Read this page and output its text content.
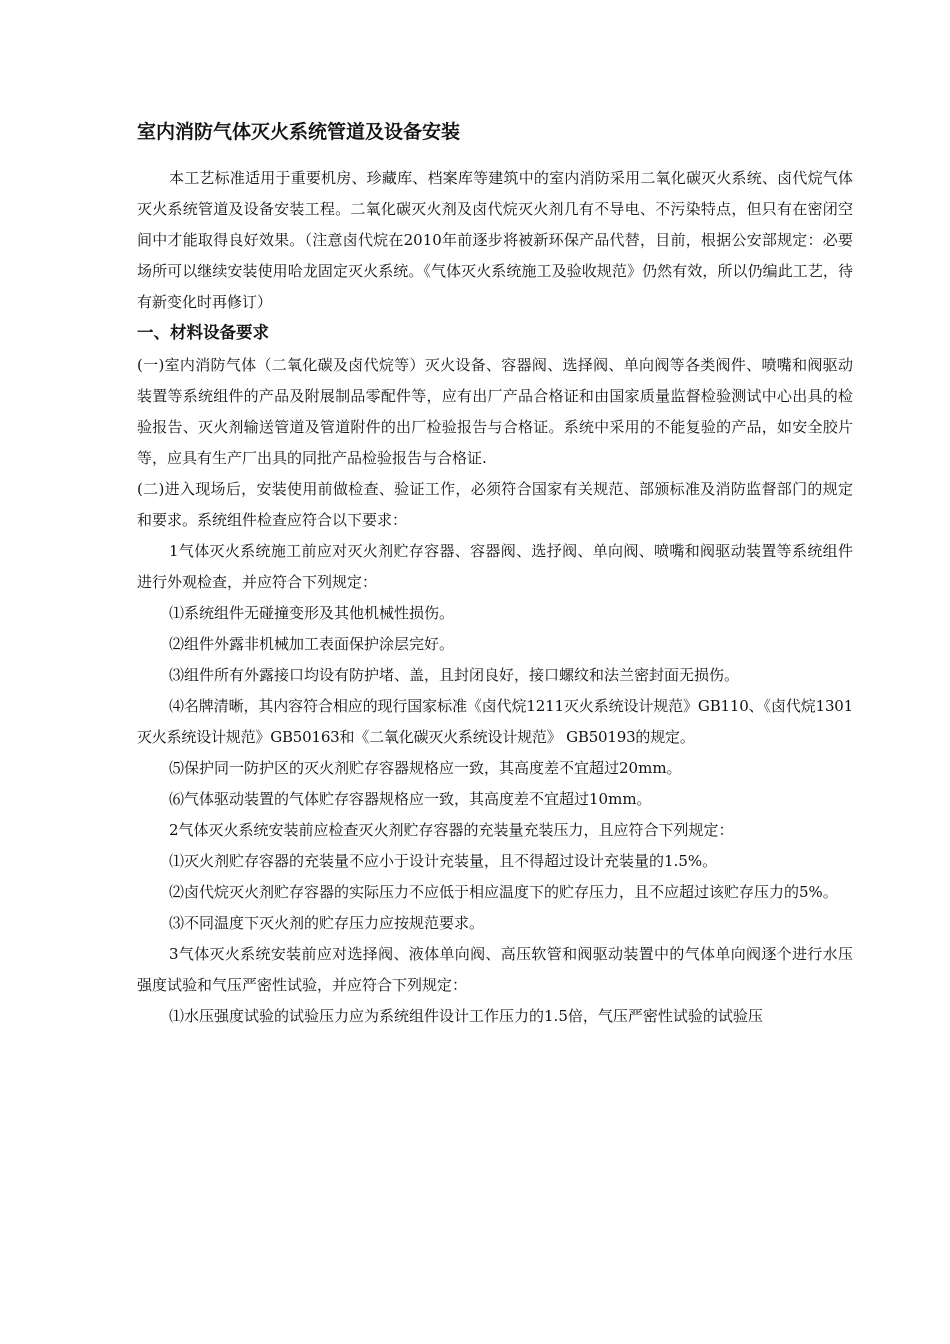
室内消防气体灭火系统管道及设备安装

本工艺标准适用于重要机房、珍藏库、档案库等建筑中的室内消防采用二氧化碳灭火系统、卤代烷气体灭火系统管道及设备安装工程。二氧化碳灭火剂及卤代烷灭火剂几有不导电、不污染特点，但只有在密闭空间中才能取得良好效果。（注意卤代烷在2010年前逐步将被新环保产品代替，目前，根据公安部规定：必要场所可以继续安装使用哈龙固定灭火系统。《气体灭火系统施工及验收规范》仍然有效，所以仍编此工艺，待有新变化时再修订）

一、材料设备要求

(一)室内消防气体（二氧化碳及卤代烷等）灭火设备、容器阀、选择阀、单向阀等各类阀件、喷嘴和阀驱动装置等系统组件的产品及附展制品零配件等，应有出厂产品合格证和由国家质量监督检验测试中心出具的检验报告、灭火剂输送管道及管道附件的出厂检验报告与合格证。系统中采用的不能复验的产品，如安全胶片等，应具有生产厂出具的同批产品检验报告与合格证.

(二)进入现场后，安装使用前做检查、验证工作，必须符合国家有关规范、部颁标准及消防监督部门的规定和要求。系统组件检查应符合以下要求：

1气体灭火系统施工前应对灭火剂贮存容器、容器阀、选抒阀、单向阀、喷嘴和阀驱动装置等系统组件进行外观检查，并应符合下列规定：

⑴系统组件无碰撞变形及其他机械性损伤。

⑵组件外露非机械加工表面保护涂层完好。

⑶组件所有外露接口均设有防护堵、盖，且封闭良好，接口螺纹和法兰密封面无损伤。

⑷名牌清晰，其内容符合相应的现行国家标准《卤代烷1211灭火系统设计规范》GB110、《卤代烷1301灭火系统设计规范》GB50163和《二氧化碳灭火系统设计规范》 GB50193的规定。

⑸保护同一防护区的灭火剂贮存容器规格应一致，其高度差不宜超过20mm。

⑹气体驱动装置的气体贮存容器规格应一致，其高度差不宜超过10mm。

2气体灭火系统安装前应检查灭火剂贮存容器的充装量充装压力，且应符合下列规定：

⑴灭火剂贮存容器的充装量不应小于设计充装量，且不得超过设计充装量的1.5%。

⑵卤代烷灭火剂贮存容器的实际压力不应低于相应温度下的贮存压力，且不应超过该贮存压力的5%。

⑶不同温度下灭火剂的贮存压力应按规范要求。

3气体灭火系统安装前应对选择阀、液体单向阀、高压软管和阀驱动装置中的气体单向阀逐个进行水压强度试验和气压严密性试验，并应符合下列规定：

⑴水压强度试验的试验压力应为系统组件设计工作压力的1.5倍，气压严密性试验的试验压
